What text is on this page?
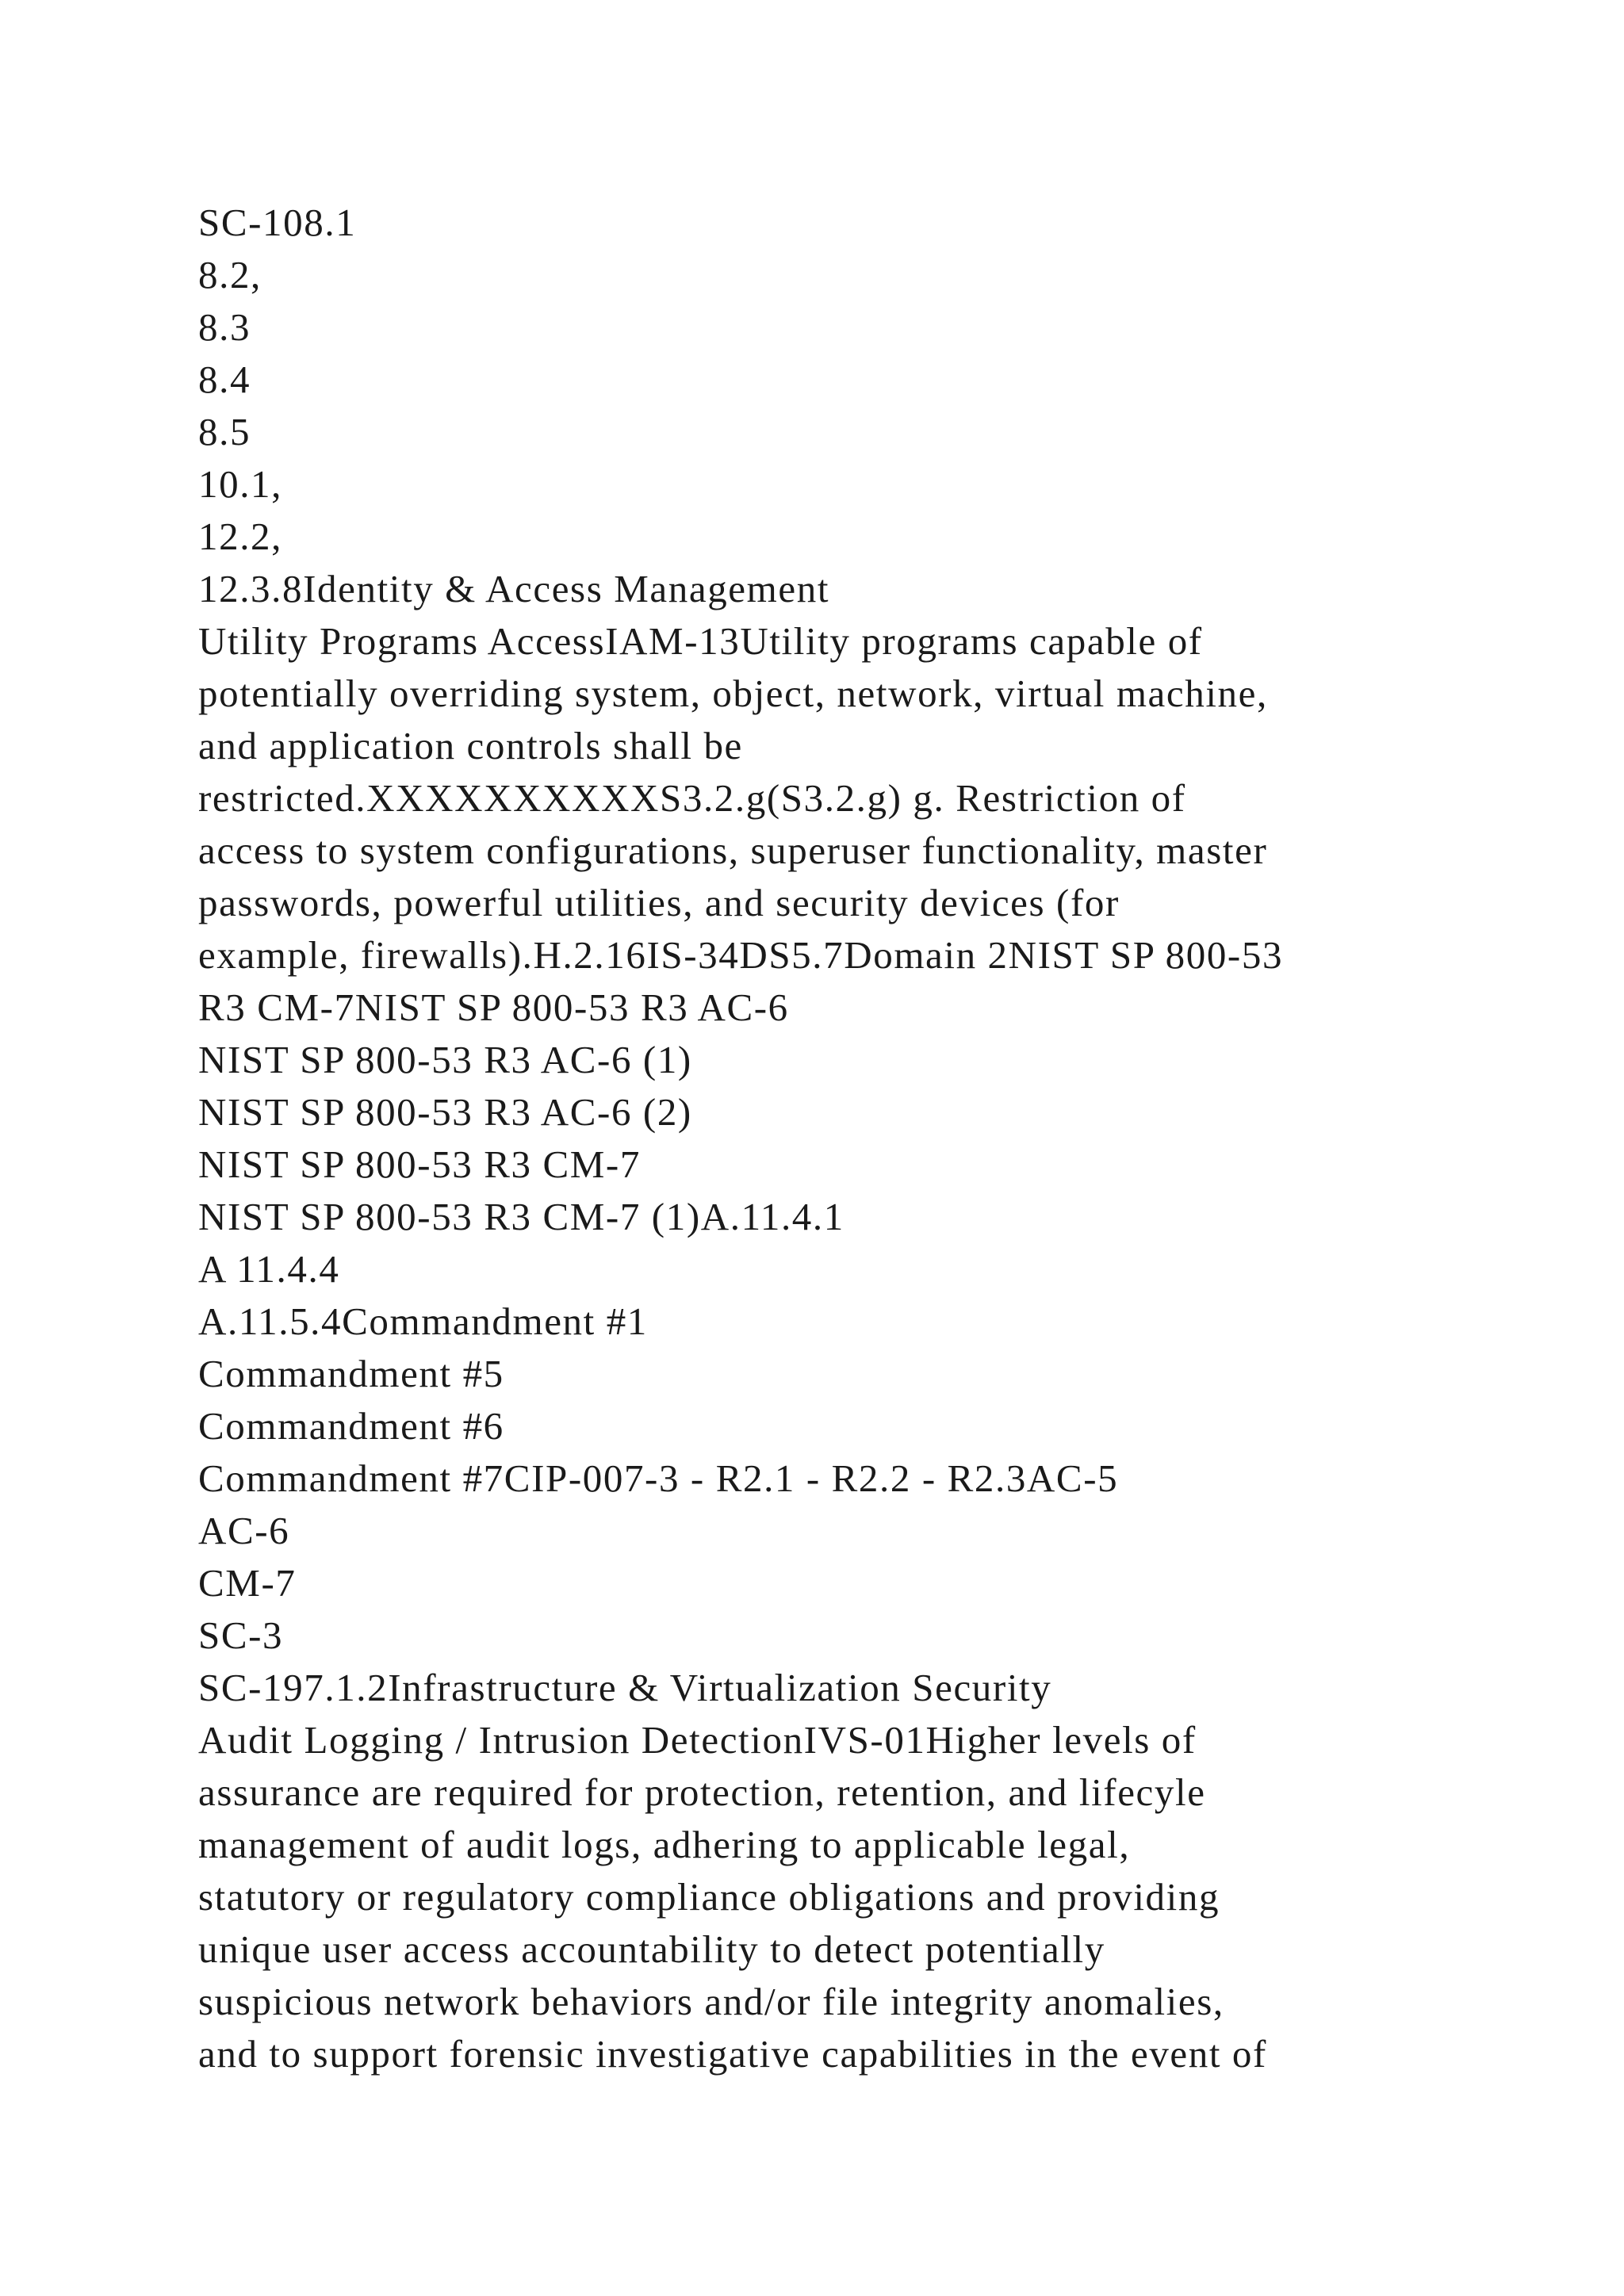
SC-108.1
8.2,
8.3
8.4
8.5
10.1,
12.2,
12.3.8Identity & Access Management
Utility Programs AccessIAM-13Utility programs capable of
potentially overriding system, object, network, virtual machine,
and application controls shall be
restricted.XXXXXXXXXXS3.2.g(S3.2.g) g. Restriction of
access to system configurations, superuser functionality, master
passwords, powerful utilities, and security devices (for
example, firewalls).H.2.16IS-34DS5.7Domain 2NIST SP 800-53
R3 CM-7NIST SP 800-53 R3 AC-6
NIST SP 800-53 R3 AC-6 (1)
NIST SP 800-53 R3 AC-6 (2)
NIST SP 800-53 R3 CM-7
NIST SP 800-53 R3 CM-7 (1)A.11.4.1
A 11.4.4
A.11.5.4Commandment #1
Commandment #5
Commandment #6
Commandment #7CIP-007-3 - R2.1 - R2.2 - R2.3AC-5
AC-6
CM-7
SC-3
SC-197.1.2Infrastructure & Virtualization Security
Audit Logging / Intrusion DetectionIVS-01Higher levels of
assurance are required for protection, retention, and lifecyle
management of audit logs, adhering to applicable legal,
statutory or regulatory compliance obligations and providing
unique user access accountability to detect potentially
suspicious network behaviors and/or file integrity anomalies,
and to support forensic investigative capabilities in the event of
